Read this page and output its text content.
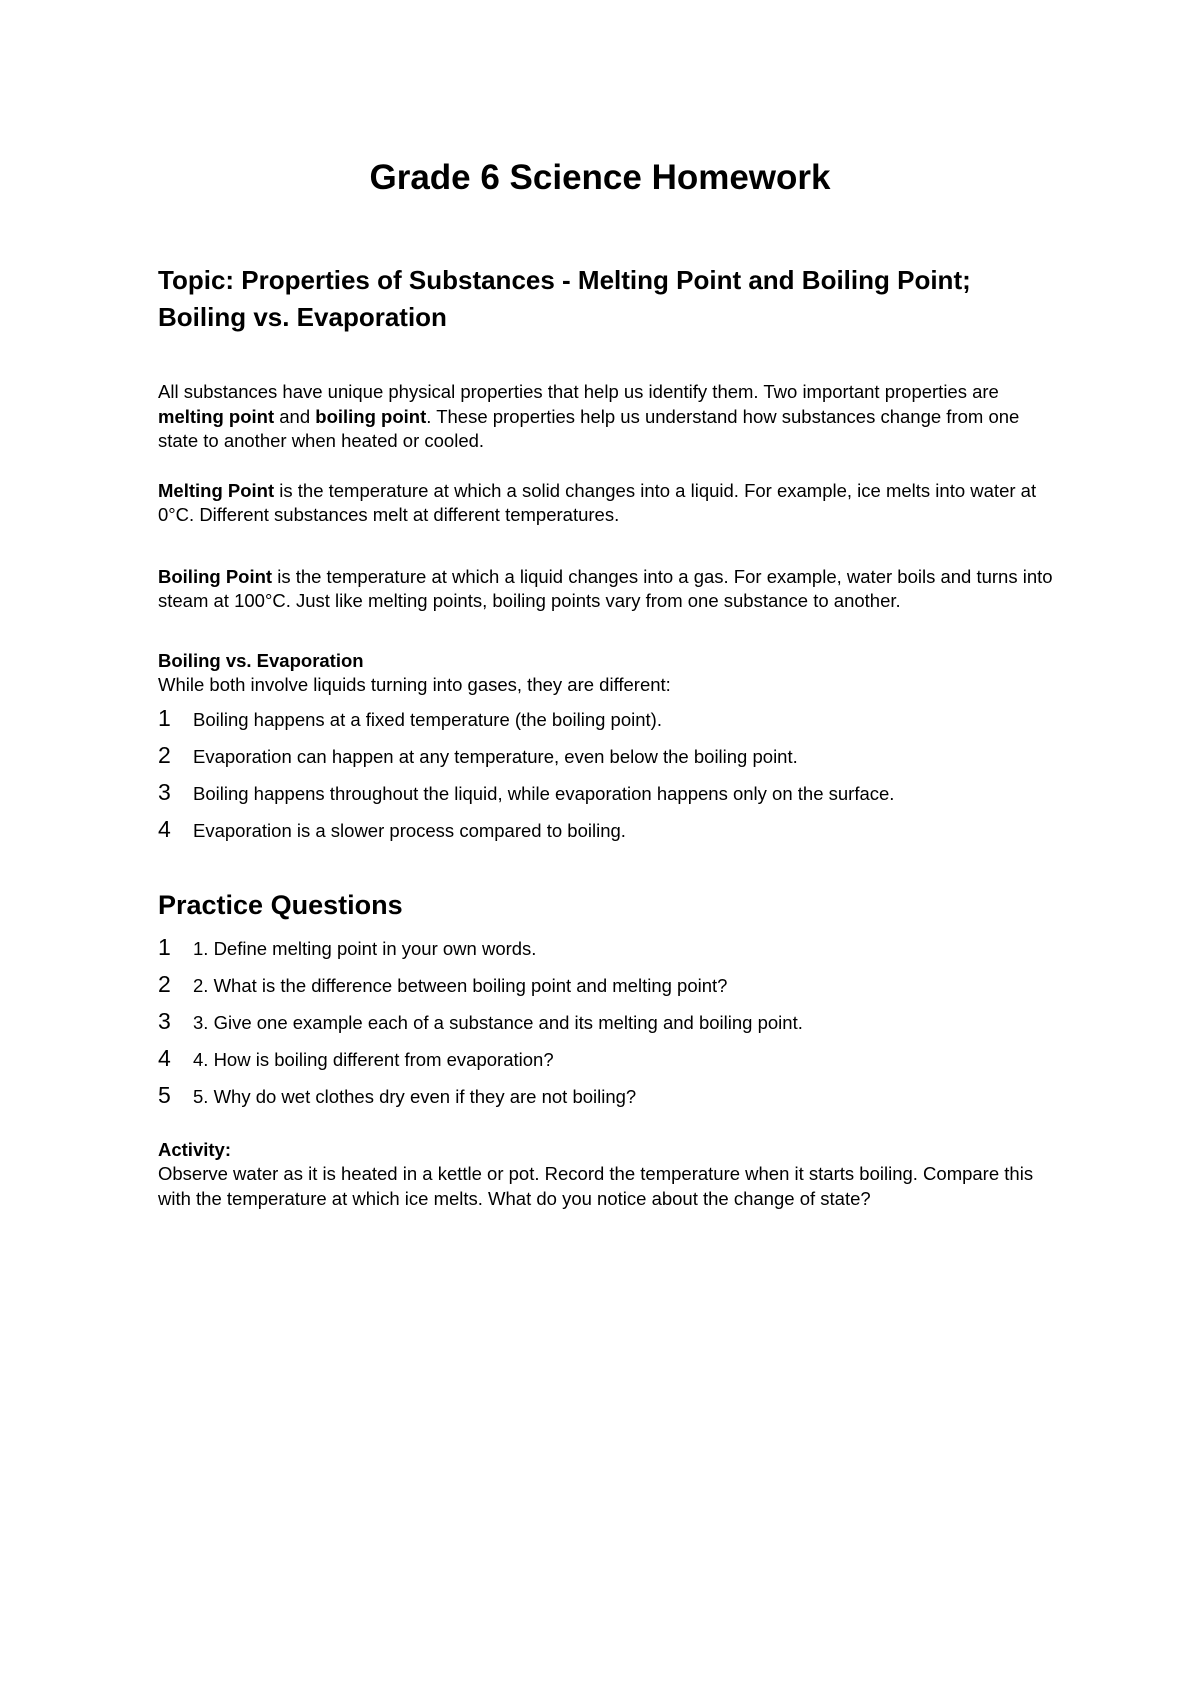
Grade 6 Science Homework
Topic: Properties of Substances - Melting Point and Boiling Point; Boiling vs. Evaporation

All substances have unique physical properties that help us identify them. Two important properties are melting point and boiling point. These properties help us understand how substances change from one state to another when heated or cooled.

Melting Point is the temperature at which a solid changes into a liquid. For example, ice melts into water at 0°C. Different substances melt at different temperatures.

Boiling Point is the temperature at which a liquid changes into a gas. For example, water boils and turns into steam at 100°C. Just like melting points, boiling points vary from one substance to another.

Boiling vs. Evaporation

While both involve liquids turning into gases, they are different:

1	Boiling happens at a fixed temperature (the boiling point).
2	Evaporation can happen at any temperature, even below the boiling point.
3	Boiling happens throughout the liquid, while evaporation happens only on the surface.
4	Evaporation is a slower process compared to boiling.
Practice Questions
1	1. Define melting point in your own words.
2	2. What is the difference between boiling point and melting point?
3	3. Give one example each of a substance and its melting and boiling point.
4	4. How is boiling different from evaporation?
5	5. Why do wet clothes dry even if they are not boiling?

Activity:

Observe water as it is heated in a kettle or pot. Record the temperature when it starts boiling. Compare this with the temperature at which ice melts. What do you notice about the change of state?
